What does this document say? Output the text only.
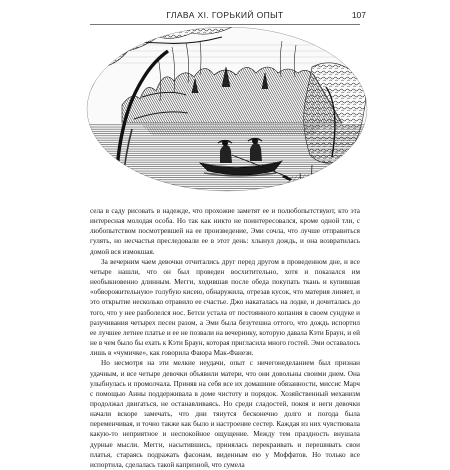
ГЛАВА XI. ГОРЬКИЙ ОПЫТ	107

села в саду рисовать в надежде, что прохожие заметят ее и полюбопытствуют, кто эта интересная молодая особа. Но так как никто не поинтересовался, кроме одной тли, с любопытством посмотревшей на ее произведение, Эми сочла, что лучше отправиться гулять, но несчастья преследовали ее в этот день: хлынул дождь, и она возвратилась домой вся измокшая.

За вечерним чаем девочки отчитались друг перед другом в проведенном дне, и все четыре нашли, что он был проведен восхитительно, хотя и показался им необыкновенно длинным. Мегги, ходившая после обеда покупать ткань и купившая «обворожительную» голубую кисею, обнаружила, отрезав кусок, что материя линяет, и это открытие несколько отравило ее счастье. Джо накаталась на лодке, и дочиталась до того, что у нее разболелся нос. Бетси устала от постоянного копания в своем сундуке и разучивания четырех песен разом, а Эми была безутешна оттого, что дождь испортил ее лучшее летнее платье и ее не позвали на вечеринку, которую давала Кэти Браун, и ей не в чем было бы ехать к Кэти Браун, которая пригласила много гостей. Эми оставалось лишь в «чумичке», как говорила Фаюра Мак-Фанези.

Но несмотря на эти мелкие неудачи, опыт с ничегонеделанием был признан удачным, и все четыре девочки объявили матери, что они довольны своими днем. Она улыбнулась и промолчала. Приняв на себя все их домашние обязанности, миссис Марч с помощью Анны поддерживала в доме чистоту и порядок. Хозяйственный механизм продолжал двигаться, не останавливаясь. Но среди сладостей, покоя и неги девочки начали вскоре замечать, что дни тянутся бесконечно долго и погода была переменчивая, и точно также как было и настроение сестер. Каждая из них чувствовала какую-то неприятное и неспокойное ощущение. Между тем праздность внушала дурные мысли. Мегги, насытившись, принялась перекраивать и перешивать свои платья, стараясь подражать фасонам, виденным ею у Моффатов. Но только все испортила, сделалась такой капризной, что сумела
